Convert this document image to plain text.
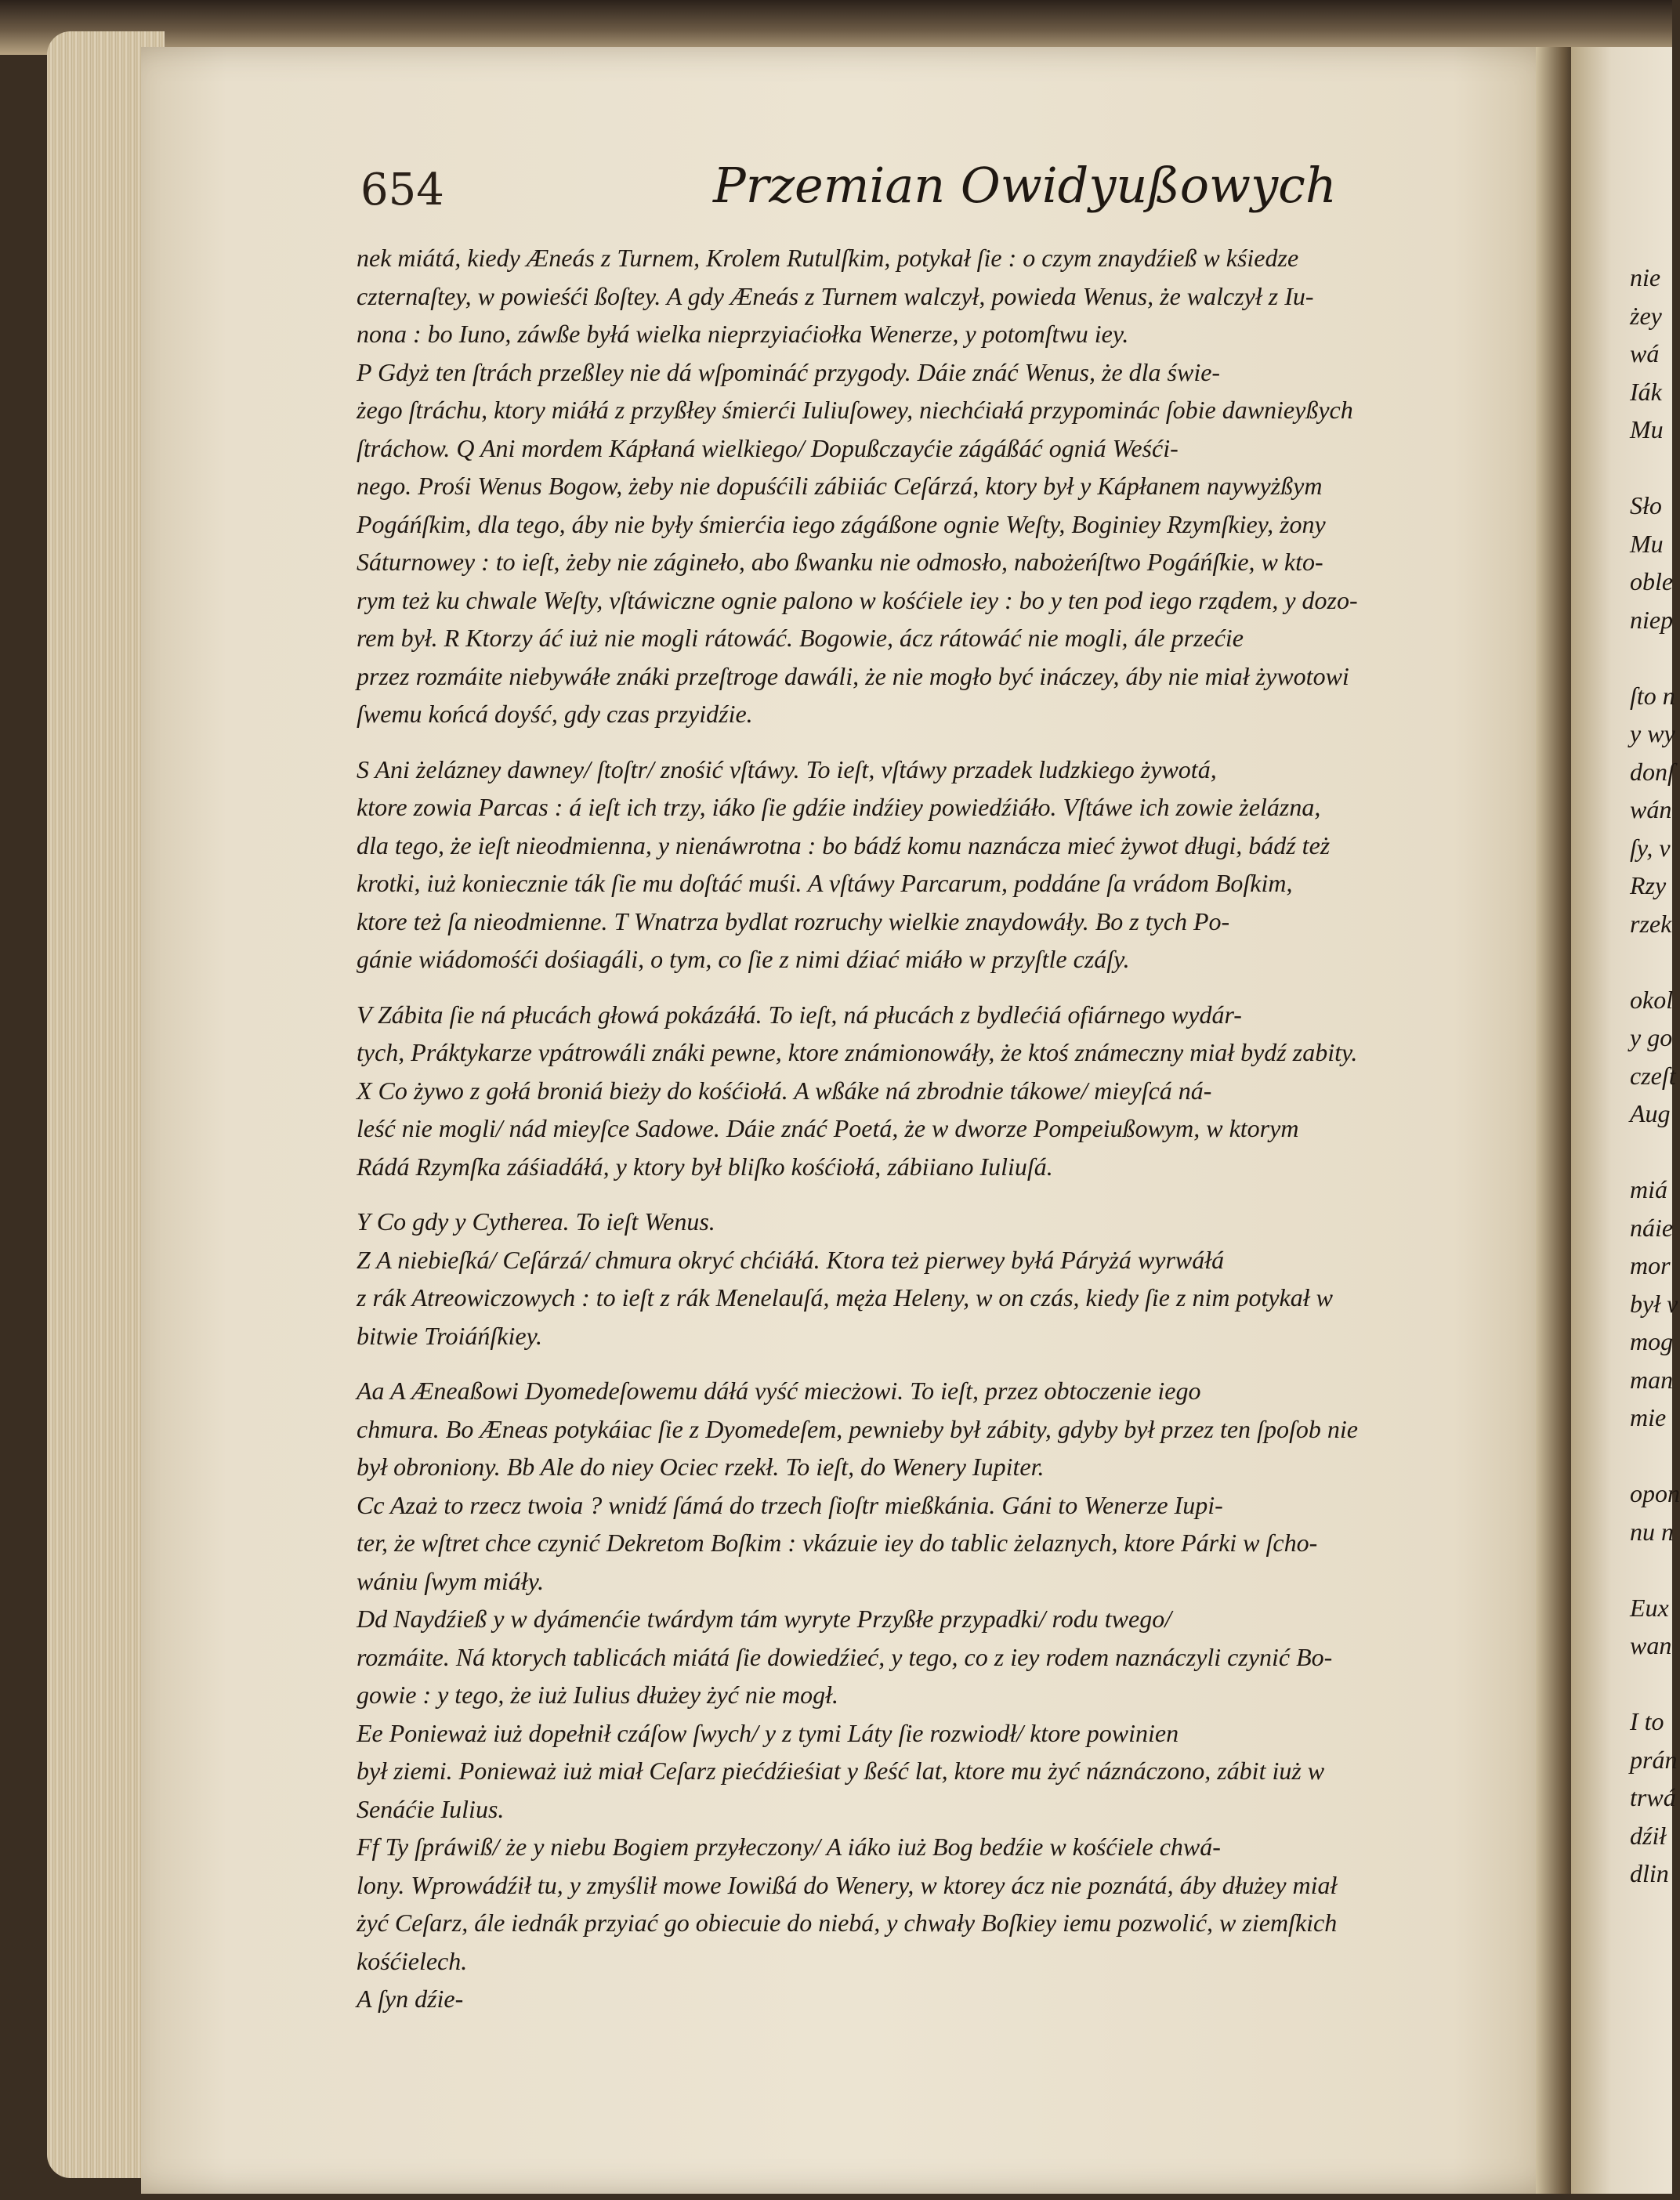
654	Przemian Owidyußowych

nek miátá, kiedy Æneás z Turnem, Krolem Rutulſkim, potykał ſie : o czym znaydźieß w kśiedze

czternaſtey, w powieśći ßoſtey. A gdy Æneás z Turnem walczył, powieda Wenus, że walczył z Iu-

nona : bo Iuno, záwße byłá wielka nieprzyiaćiołka Wenerze, y potomſtwu iey.

P Gdyż ten ſtrách przeßley nie dá wſpomináć przygody. Dáie znáć Wenus, że dla świe-

żego ſtráchu, ktory miáłá z przyßłey śmierći Iuliuſowey, niechćiałá przypominác ſobie dawnieyßych

ſtráchow. Q Ani mordem Kápłaná wielkiego/ Dopußczayćie zágáßáć ogniá Weśći-

nego. Prośi Wenus Bogow, żeby nie dopuśćili zábiiác Ceſárzá, ktory był y Kápłanem naywyżßym

Pogáńſkim, dla tego, áby nie były śmierćia iego zágáßone ognie Weſty, Boginiey Rzymſkiey, żony

Sáturnowey : to ieſt, żeby nie zágineło, abo ßwanku nie odmosło, nabożeńſtwo Pogáńſkie, w kto-

rym też ku chwale Weſty, vſtáwiczne ognie palono w kośćiele iey : bo y ten pod iego rządem, y dozo-

rem był. R Ktorzy áć iuż nie mogli rátowáć. Bogowie, ácz rátowáć nie mogli, ále przećie

przez rozmáite niebywáłe znáki przeſtroge dawáli, że nie mogło być ináczey, áby nie miał żywotowi

ſwemu końcá doyść, gdy czas przyidźie.

S Ani żelázney dawney/ ſtoſtr/ znośić vſtáwy. To ieſt, vſtáwy przadek ludzkiego żywotá,

ktore zowia Parcas : á ieſt ich trzy, iáko ſie gdźie indźiey powiedźiáło. Vſtáwe ich zowie żelázna,

dla tego, że ieſt nieodmienna, y nienáwrotna : bo bádź komu naznácza mieć żywot długi, bádź też

krotki, iuż koniecznie ták ſie mu doſtáć muśi. A vſtáwy Parcarum, poddáne ſa vrádom Boſkim,

ktore też ſa nieodmienne. T Wnatrza bydlat rozruchy wielkie znaydowáły. Bo z tych Po-

gánie wiádomośći dośiagáli, o tym, co ſie z nimi dźiać miáło w przyſtle czáſy.

V Zábita ſie ná płucách głowá pokázáłá. To ieſt, ná płucách z bydlećiá ofiárnego wydár-

tych, Práktykarze vpátrowáli znáki pewne, ktore známionowáły, że ktoś známeczny miał bydź zabity.

X Co żywo z gołá broniá bieży do kośćiołá. A wßáke ná zbrodnie tákowe/ mieyſcá ná-

leść nie mogli/ nád mieyſce Sadowe. Dáie znáć Poetá, że w dworze Pompeiußowym, w ktorym

Rádá Rzymſka záśiadáłá, y ktory był bliſko kośćiołá, zábiiano Iuliuſá.

Y Co gdy y Cytherea. To ieſt Wenus.

Z A niebieſká/ Ceſárzá/ chmura okryć chćiáłá. Ktora też pierwey byłá Páryżá wyrwáłá

z rák Atreowiczowych : to ieſt z rák Menelauſá, męża Heleny, w on czás, kiedy ſie z nim potykał w

bitwie Troiáńſkiey.

Aa A Æneaßowi Dyomedeſowemu dáłá vyść miecżowi. To ieſt, przez obtoczenie iego

chmura. Bo Æneas potykáiac ſie z Dyomedeſem, pewnieby był zábity, gdyby był przez ten ſpoſob nie

był obroniony. Bb Ale do niey Ociec rzekł. To ieſt, do Wenery Iupiter.

Cc Azaż to rzecz twoia ? wnidź ſámá do trzech ſioſtr mießkánia. Gáni to Wenerze Iupi-

ter, że wſtret chce czynić Dekretom Boſkim : vkázuie iey do tablic żelaznych, ktore Párki w ſcho-

wániu ſwym miáły.

Dd Naydźieß y w dyámenćie twárdym tám wyryte Przyßłe przypadki/ rodu twego/

rozmáite. Ná ktorych tablicách miátá ſie dowiedźieć, y tego, co z iey rodem naznáczyli czynić Bo-

gowie : y tego, że iuż Iulius dłużey żyć nie mogł.

Ee Ponieważ iuż dopełnił czáſow ſwych/ y z tymi Láty ſie rozwiodł/ ktore powinien

był ziemi. Ponieważ iuż miał Ceſarz piećdźieśiat y ßeść lat, ktore mu żyć náznáczono, zábit iuż w

Senáćie Iulius.

Ff Ty ſpráwiß/ że y niebu Bogiem przyłeczony/ A iáko iuż Bog bedźie w kośćiele chwá-

lony. Wprowádźił tu, y zmyślił mowe Iowißá do Wenery, w ktorey ácz nie poznátá, áby dłużey miał

żyć Ceſarz, ále iednák przyiać go obiecuie do niebá, y chwały Boſkiey iemu pozwolić, w ziemſkich

kośćielech.

A ſyn dźie-

nie
żey
wá
Iák
Mu
Sło
Mu
oble
niep
ſto n
y wy
donſ
wán
ſy, v
Rzy
rzek
okol
y go
czeſt
Aug
miá
náie
mor
był v
mog
man
mie
opon
nu n
Eux
wan
I to
prán
trwá
dźił
dlin
